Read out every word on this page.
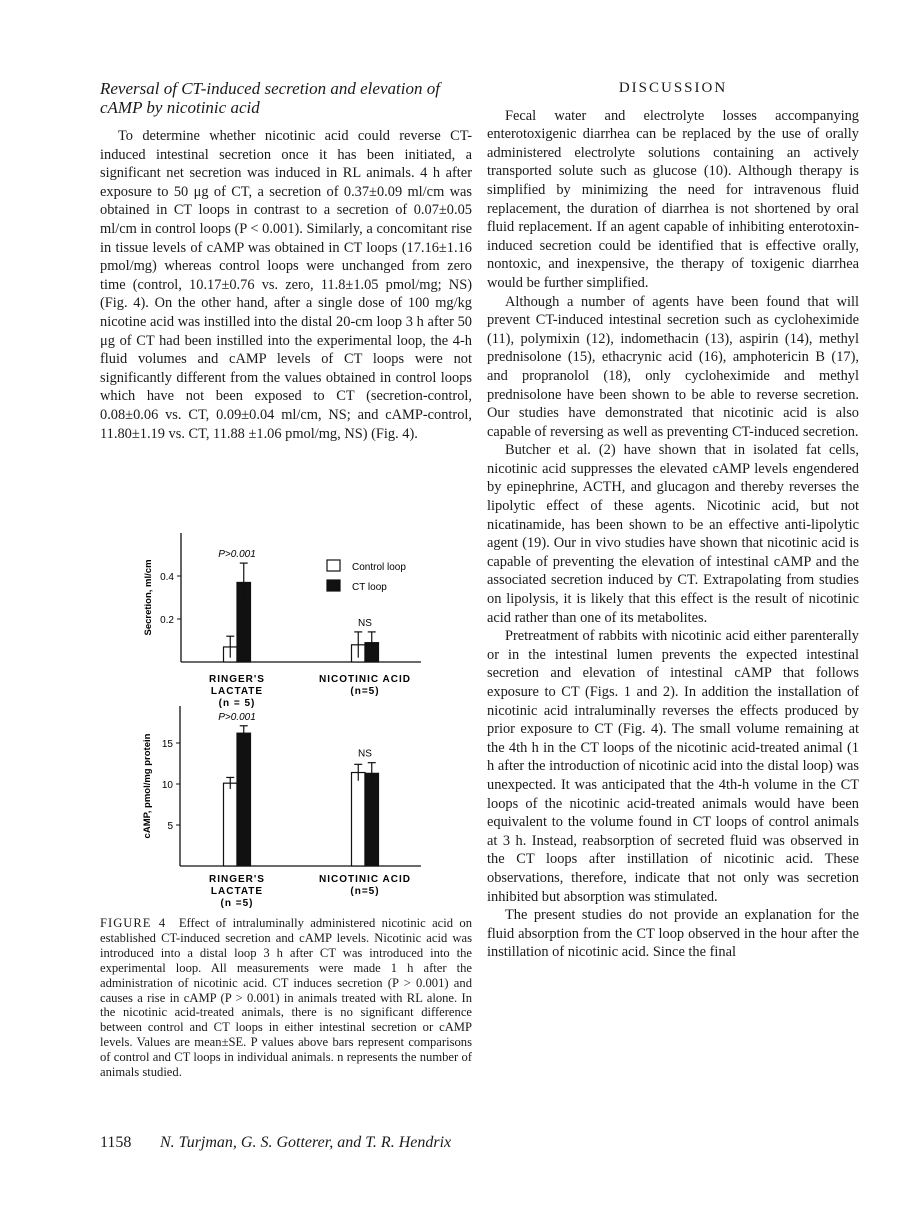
Reversal of CT-induced secretion and elevation of cAMP by nicotinic acid

To determine whether nicotinic acid could reverse CT-induced intestinal secretion once it has been initiated, a significant net secretion was induced in RL animals. 4 h after exposure to 50 μg of CT, a secretion of 0.37±0.09 ml/cm was obtained in CT loops in contrast to a secretion of 0.07±0.05 ml/cm in control loops (P < 0.001). Similarly, a concomitant rise in tissue levels of cAMP was obtained in CT loops (17.16±1.16 pmol/mg) whereas control loops were unchanged from zero time (control, 10.17±0.76 vs. zero, 11.8±1.05 pmol/mg; NS) (Fig. 4). On the other hand, after a single dose of 100 mg/kg nicotine acid was instilled into the distal 20-cm loop 3 h after 50 μg of CT had been instilled into the experimental loop, the 4-h fluid volumes and cAMP levels of CT loops were not significantly different from the values obtained in control loops which have not been exposed to CT (secretion-control, 0.08±0.06 vs. CT, 0.09±0.04 ml/cm, NS; and cAMP-control, 11.80±1.19 vs. CT, 11.88 ±1.06 pmol/mg, NS) (Fig. 4).

DISCUSSION

Fecal water and electrolyte losses accompanying enterotoxigenic diarrhea can be replaced by the use of orally administered electrolyte solutions containing an actively transported solute such as glucose (10). Although therapy is simplified by minimizing the need for intravenous fluid replacement, the duration of diarrhea is not shortened by oral fluid replacement. If an agent capable of inhibiting enterotoxin-induced secretion could be identified that is effective orally, nontoxic, and inexpensive, the therapy of toxigenic diarrhea would be further simplified.

Although a number of agents have been found that will prevent CT-induced intestinal secretion such as cycloheximide (11), polymixin (12), indomethacin (13), aspirin (14), methyl prednisolone (15), ethacrynic acid (16), amphotericin B (17), and propranolol (18), only cycloheximide and methyl prednisolone have been shown to be able to reverse secretion. Our studies have demonstrated that nicotinic acid is also capable of reversing as well as preventing CT-induced secretion.

Butcher et al. (2) have shown that in isolated fat cells, nicotinic acid suppresses the elevated cAMP levels engendered by epinephrine, ACTH, and glucagon and thereby reverses the lipolytic effect of these agents. Nicotinic acid, but not nicatinamide, has been shown to be an effective anti-lipolytic agent (19). Our in vivo studies have shown that nicotinic acid is capable of preventing the elevation of intestinal cAMP and the associated secretion induced by CT. Extrapolating from studies on lipolysis, it is likely that this effect is the result of nicotinic acid rather than one of its metabolites.

Pretreatment of rabbits with nicotinic acid either parenterally or in the intestinal lumen prevents the expected intestinal secretion and elevation of intestinal cAMP that follows exposure to CT (Figs. 1 and 2). In addition the installation of nicotinic acid intraluminally reverses the effects produced by prior exposure to CT (Fig. 4). The small volume remaining at the 4th h in the CT loops of the nicotinic acid-treated animal (1 h after the introduction of nicotinic acid into the distal loop) was unexpected. It was anticipated that the 4th-h volume in the CT loops of the nicotinic acid-treated animals would have been equivalent to the volume found in CT loops of control animals at 3 h. Instead, reabsorption of secreted fluid was observed in the CT loops after instillation of nicotinic acid. These observations, therefore, indicate that not only was secretion inhibited but absorption was stimulated.

The present studies do not provide an explanation for the fluid absorption from the CT loop observed in the hour after the instillation of nicotinic acid. Since the final

0.2
0.4
Secretion, ml/cm
RINGER'S
LACTATE
(n = 5)
NICOTINIC ACID
(n=5)
P>0.001
NS
5
10
15
cAMP, pmol/mg protein
RINGER'S
LACTATE
(n =5)
NICOTINIC ACID
(n=5)
P>0.001
NS
Control loop
CT loop
FIGURE 4 Effect of intraluminally administered nicotinic acid on established CT-induced secretion and cAMP levels. Nicotinic acid was introduced into a distal loop 3 h after CT was introduced into the experimental loop. All measurements were made 1 h after the administration of nicotinic acid. CT induces secretion (P > 0.001) and causes a rise in cAMP (P > 0.001) in animals treated with RL alone. In the nicotinic acid-treated animals, there is no significant difference between control and CT loops in either intestinal secretion or cAMP levels. Values are mean±SE. P values above bars represent comparisons of control and CT loops in individual animals. n represents the number of animals studied.
1158 N. Turjman, G. S. Gotterer, and T. R. Hendrix
